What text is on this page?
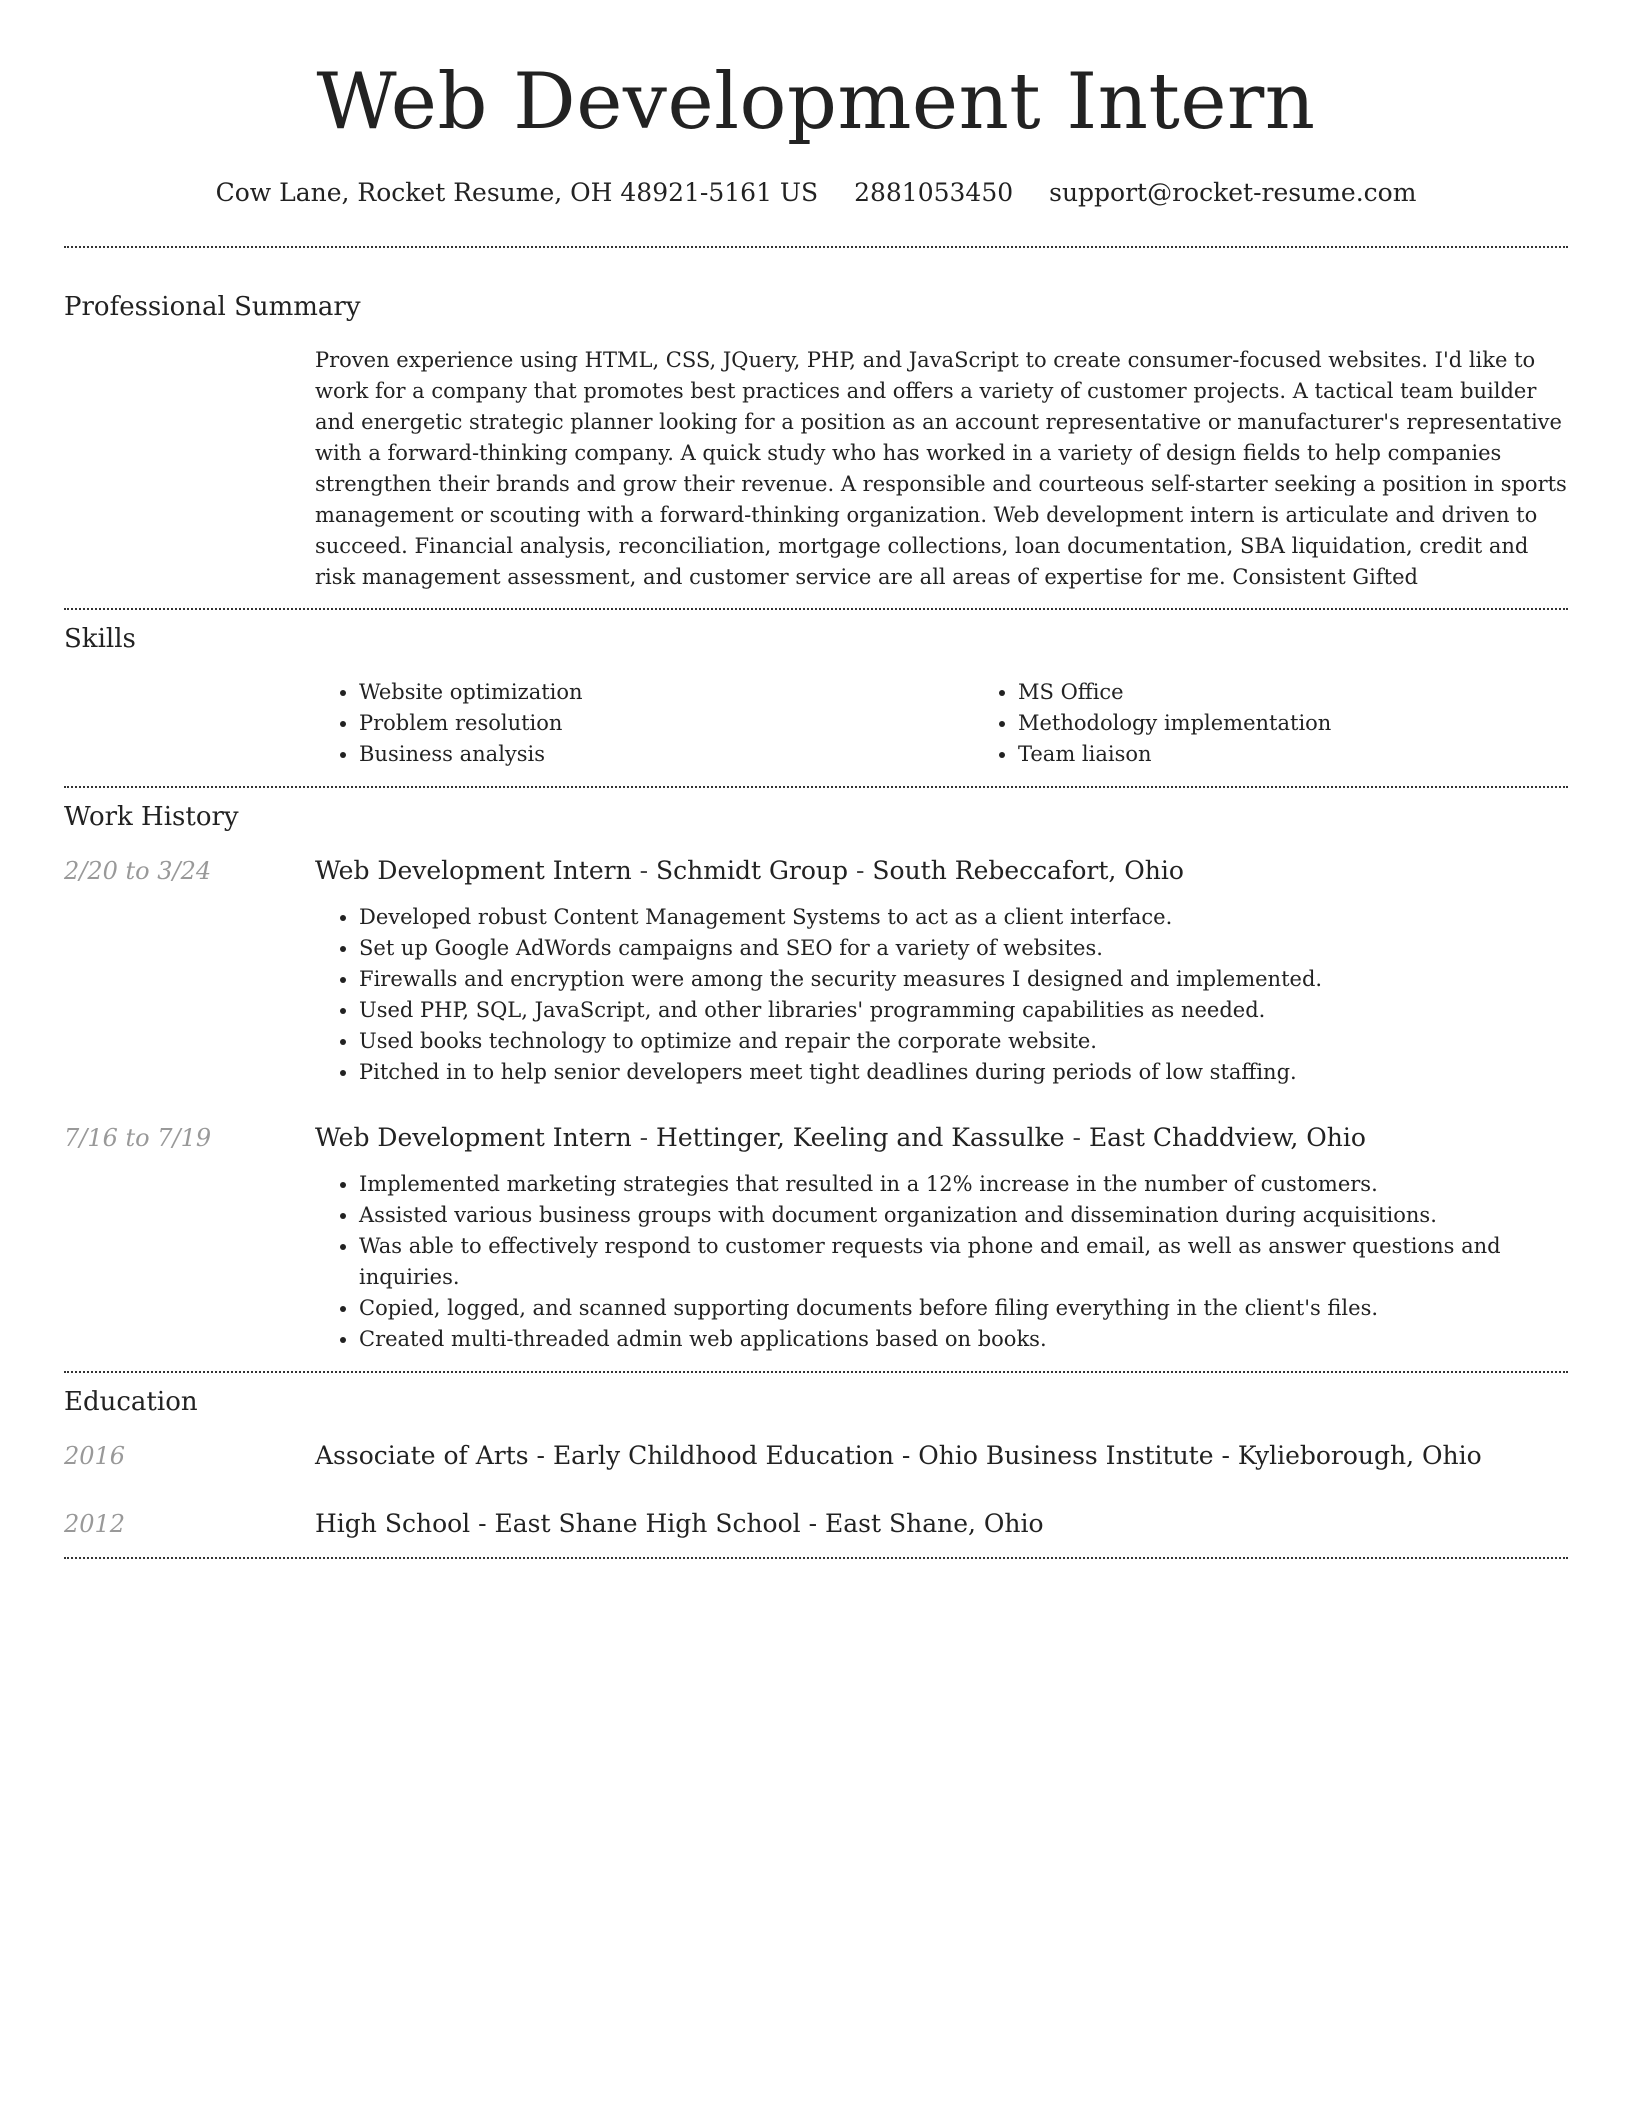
Web Development Intern
Cow Lane, Rocket Resume, OH 48921-5161 US 2881053450 support@rocket-resume.com
Professional Summary

Proven experience using HTML, CSS, JQuery, PHP, and JavaScript to create consumer-focused websites. I'd like to work for a company that promotes best practices and offers a variety of customer projects. A tactical team builder and energetic strategic planner looking for a position as an account representative or manufacturer's representative with a forward-thinking company. A quick study who has worked in a variety of design fields to help companies strengthen their brands and grow their revenue. A responsible and courteous self-starter seeking a position in sports management or scouting with a forward-thinking organization. Web development intern is articulate and driven to succeed. Financial analysis, reconciliation, mortgage collections, loan documentation, SBA liquidation, credit and risk management assessment, and customer service are all areas of expertise for me. Consistent Gifted

Skills
• Website optimization
• Problem resolution
• Business analysis
• MS Office
• Methodology implementation
• Team liaison
Work History
2/20 to 3/24	Web Development Intern - Schmidt Group - South Rebeccafort, Ohio
• Developed robust Content Management Systems to act as a client interface.
• Set up Google AdWords campaigns and SEO for a variety of websites.
• Firewalls and encryption were among the security measures I designed and implemented.
• Used PHP, SQL, JavaScript, and other libraries' programming capabilities as needed.
• Used books technology to optimize and repair the corporate website.
• Pitched in to help senior developers meet tight deadlines during periods of low staffing.
7/16 to 7/19	Web Development Intern - Hettinger, Keeling and Kassulke - East Chaddview, Ohio
• Implemented marketing strategies that resulted in a 12% increase in the number of customers.
• Assisted various business groups with document organization and dissemination during acquisitions.
• Was able to effectively respond to customer requests via phone and email, as well as answer questions and inquiries.
• Copied, logged, and scanned supporting documents before filing everything in the client's files.
• Created multi-threaded admin web applications based on books.
Education
2016	Associate of Arts - Early Childhood Education - Ohio Business Institute - Kylieborough, Ohio
2012	High School - East Shane High School - East Shane, Ohio
